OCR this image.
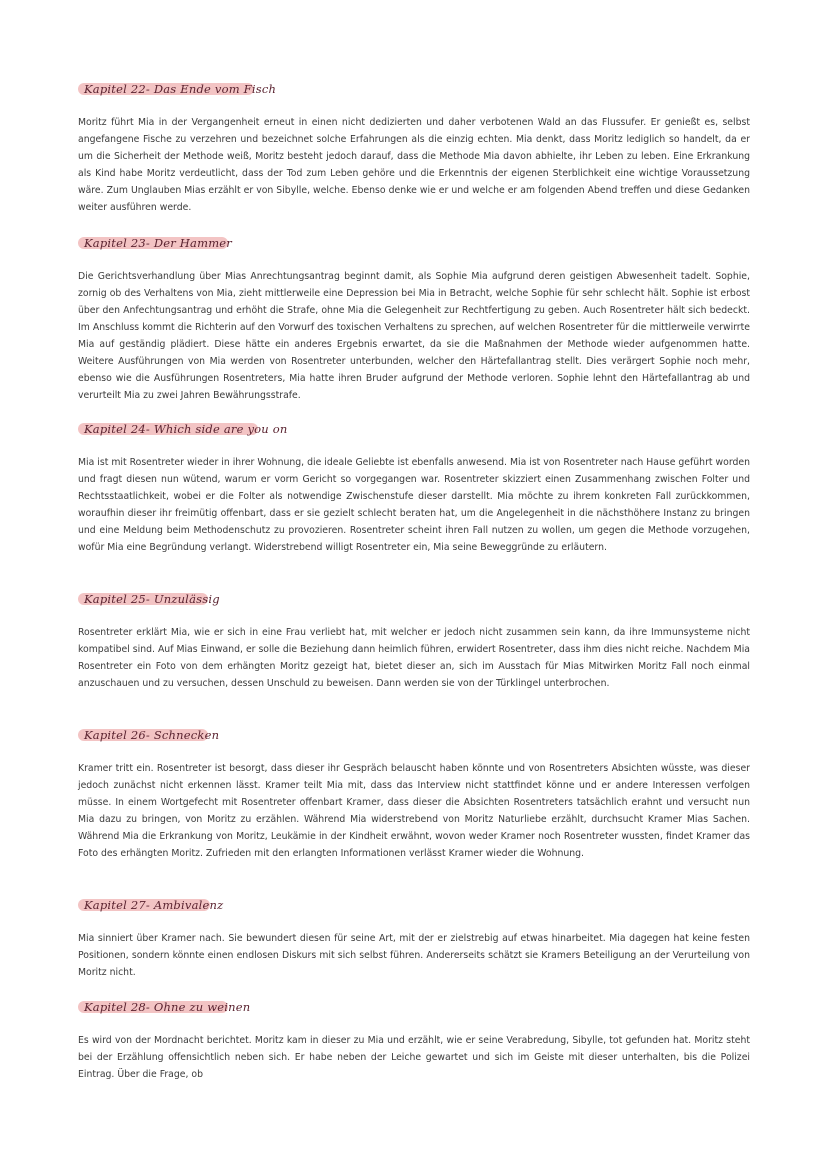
Kapitel 22- Das Ende vom Fisch

Moritz führt Mia in der Vergangenheit erneut in einen nicht dedizierten und daher verbotenen Wald an das Flussufer. Er genießt es, selbst angefangene Fische zu verzehren und bezeichnet solche Erfahrungen als die einzig echten. Mia denkt, dass Moritz lediglich so handelt, da er um die Sicherheit der Methode weiß, Moritz besteht jedoch darauf, dass die Methode Mia davon abhielte, ihr Leben zu leben. Eine Erkrankung als Kind habe Moritz verdeutlicht, dass der Tod zum Leben gehöre und die Erkenntnis der eigenen Sterblichkeit eine wichtige Voraussetzung wäre. Zum Unglauben Mias erzählt er von Sibylle, welche. Ebenso denke wie er und welche er am folgenden Abend treffen und diese Gedanken weiter ausführen werde.

Kapitel 23- Der Hammer

Die Gerichtsverhandlung über Mias Anrechtungsantrag beginnt damit, als Sophie Mia aufgrund deren geistigen Abwesenheit tadelt. Sophie, zornig ob des Verhaltens von Mia, zieht mittlerweile eine Depression bei Mia in Betracht, welche Sophie für sehr schlecht hält. Sophie ist erbost über den Anfechtungsantrag und erhöht die Strafe, ohne Mia die Gelegenheit zur Rechtfertigung zu geben. Auch Rosentreter hält sich bedeckt. Im Anschluss kommt die Richterin auf den Vorwurf des toxischen Verhaltens zu sprechen, auf welchen Rosentreter für die mittlerweile verwirrte Mia auf geständig plädiert. Diese hätte ein anderes Ergebnis erwartet, da sie die Maßnahmen der Methode wieder aufgenommen hatte. Weitere Ausführungen von Mia werden von Rosentreter unterbunden, welcher den Härtefallantrag stellt. Dies verärgert Sophie noch mehr, ebenso wie die Ausführungen Rosentreters, Mia hatte ihren Bruder aufgrund der Methode verloren. Sophie lehnt den Härtefallantrag ab und verurteilt Mia zu zwei Jahren Bewährungsstrafe.

Kapitel 24- Which side are you on

Mia ist mit Rosentreter wieder in ihrer Wohnung, die ideale Geliebte ist ebenfalls anwesend. Mia ist von Rosentreter nach Hause geführt worden und fragt diesen nun wütend, warum er vorm Gericht so vorgegangen war. Rosentreter skizziert einen Zusammenhang zwischen Folter und Rechtsstaatlichkeit, wobei er die Folter als notwendige Zwischenstufe dieser darstellt. Mia möchte zu ihrem konkreten Fall zurückkommen, woraufhin dieser ihr freimütig offenbart, dass er sie gezielt schlecht beraten hat, um die Angelegenheit in die nächsthöhere Instanz zu bringen und eine Meldung beim Methodenschutz zu provozieren. Rosentreter scheint ihren Fall nutzen zu wollen, um gegen die Methode vorzugehen, wofür Mia eine Begründung verlangt. Widerstrebend willigt Rosentreter ein, Mia seine Beweggründe zu erläutern.

Kapitel 25- Unzulässig

Rosentreter erklärt Mia, wie er sich in eine Frau verliebt hat, mit welcher er jedoch nicht zusammen sein kann, da ihre Immunsysteme nicht kompatibel sind. Auf Mias Einwand, er solle die Beziehung dann heimlich führen, erwidert Rosentreter, dass ihm dies nicht reiche. Nachdem Mia Rosentreter ein Foto von dem erhängten Moritz gezeigt hat, bietet dieser an, sich im Ausstach für Mias Mitwirken Moritz Fall noch einmal anzuschauen und zu versuchen, dessen Unschuld zu beweisen. Dann werden sie von der Türklingel unterbrochen.

Kapitel 26- Schnecken

Kramer tritt ein. Rosentreter ist besorgt, dass dieser ihr Gespräch belauscht haben könnte und von Rosentreters Absichten wüsste, was dieser jedoch zunächst nicht erkennen lässt. Kramer teilt Mia mit, dass das Interview nicht stattfindet könne und er andere Interessen verfolgen müsse. In einem Wortgefecht mit Rosentreter offenbart Kramer, dass dieser die Absichten Rosentreters tatsächlich erahnt und versucht nun Mia dazu zu bringen, von Moritz zu erzählen. Während Mia widerstrebend von Moritz Naturliebe erzählt, durchsucht Kramer Mias Sachen. Während Mia die Erkrankung von Moritz, Leukämie in der Kindheit erwähnt, wovon weder Kramer noch Rosentreter wussten, findet Kramer das Foto des erhängten Moritz. Zufrieden mit den erlangten Informationen verlässt Kramer wieder die Wohnung.

Kapitel 27- Ambivalenz

Mia sinniert über Kramer nach. Sie bewundert diesen für seine Art, mit der er zielstrebig auf etwas hinarbeitet. Mia dagegen hat keine festen Positionen, sondern könnte einen endlosen Diskurs mit sich selbst führen. Andererseits schätzt sie Kramers Beteiligung an der Verurteilung von Moritz nicht.

Kapitel 28- Ohne zu weinen

Es wird von der Mordnacht berichtet. Moritz kam in dieser zu Mia und erzählt, wie er seine Verabredung, Sibylle, tot gefunden hat. Moritz steht bei der Erzählung offensichtlich neben sich. Er habe neben der Leiche gewartet und sich im Geiste mit dieser unterhalten, bis die Polizei Eintrag. Über die Frage, ob
